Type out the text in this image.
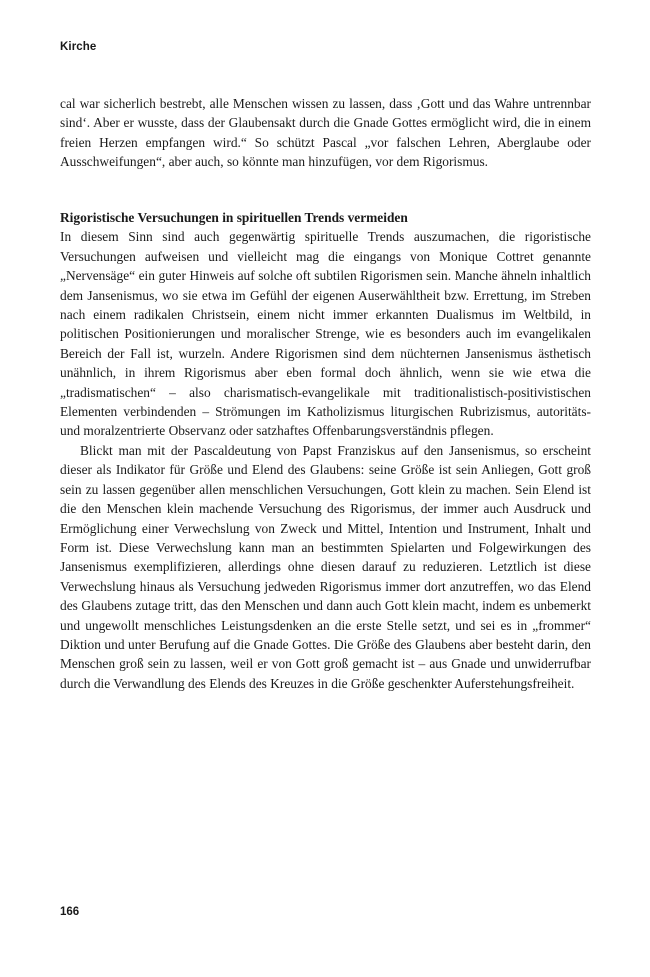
Kirche

cal war sicherlich bestrebt, alle Menschen wissen zu lassen, dass ‚Gott und das Wahre untrennbar sind‘. Aber er wusste, dass der Glaubensakt durch die Gnade Gottes ermöglicht wird, die in einem freien Herzen empfangen wird.“ So schützt Pascal „vor falschen Lehren, Aberglaube oder Ausschweifungen“, aber auch, so könnte man hinzufügen, vor dem Rigorismus.

Rigoristische Versuchungen in spirituellen Trends vermeiden

In diesem Sinn sind auch gegenwärtig spirituelle Trends auszumachen, die rigoristische Versuchungen aufweisen und vielleicht mag die eingangs von Monique Cottret genannte „Nervensäge“ ein guter Hinweis auf solche oft subtilen Rigorismen sein. Manche ähneln inhaltlich dem Jansenismus, wo sie etwa im Gefühl der eigenen Auserwähltheit bzw. Errettung, im Streben nach einem radikalen Christsein, einem nicht immer erkannten Dualismus im Weltbild, in politischen Positionierungen und moralischer Strenge, wie es besonders auch im evangelikalen Bereich der Fall ist, wurzeln. Andere Rigorismen sind dem nüchternen Jansenismus ästhetisch unähnlich, in ihrem Rigorismus aber eben formal doch ähnlich, wenn sie wie etwa die „tradismatischen“ – also charismatisch-evangelikale mit traditionalistisch-positivistischen Elementen verbindenden – Strömungen im Katholizismus liturgischen Rubrizismus, autoritäts- und moralzentrierte Observanz oder satzhaftes Offenbarungsverständnis pflegen.

Blickt man mit der Pascaldeutung von Papst Franziskus auf den Jansenismus, so erscheint dieser als Indikator für Größe und Elend des Glaubens: seine Größe ist sein Anliegen, Gott groß sein zu lassen gegenüber allen menschlichen Versuchungen, Gott klein zu machen. Sein Elend ist die den Menschen klein machende Versuchung des Rigorismus, der immer auch Ausdruck und Ermöglichung einer Verwechslung von Zweck und Mittel, Intention und Instrument, Inhalt und Form ist. Diese Verwechslung kann man an bestimmten Spielarten und Folgewirkungen des Jansenismus exemplifizieren, allerdings ohne diesen darauf zu reduzieren. Letztlich ist diese Verwechslung hinaus als Versuchung jedweden Rigorismus immer dort anzutreffen, wo das Elend des Glaubens zutage tritt, das den Menschen und dann auch Gott klein macht, indem es unbemerkt und ungewollt menschliches Leistungsdenken an die erste Stelle setzt, und sei es in „frommer“ Diktion und unter Berufung auf die Gnade Gottes. Die Größe des Glaubens aber besteht darin, den Menschen groß sein zu lassen, weil er von Gott groß gemacht ist – aus Gnade und unwiderrufbar durch die Verwandlung des Elends des Kreuzes in die Größe geschenkter Auferstehungsfreiheit.

166
